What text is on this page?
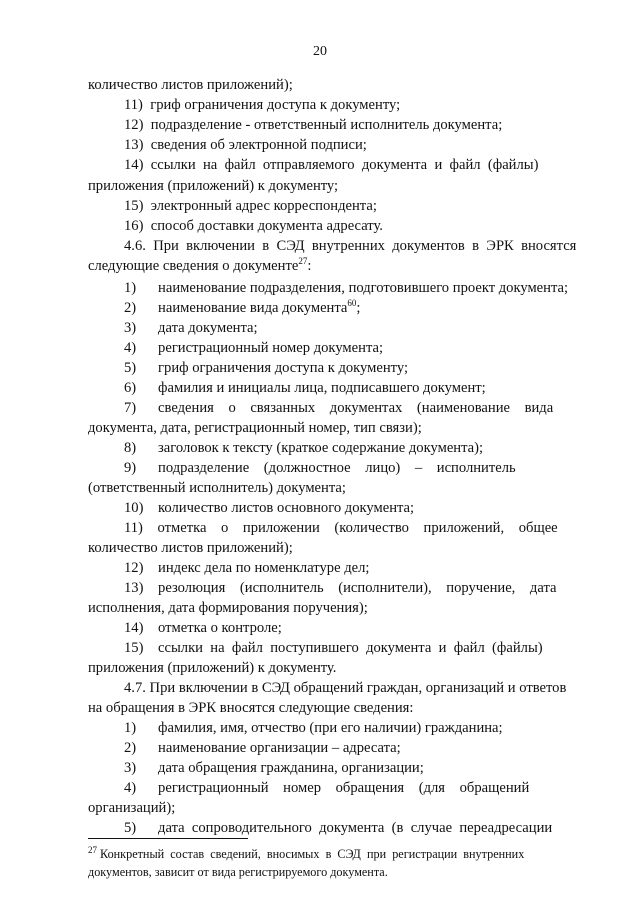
20
количество листов приложений);
11)  гриф ограничения доступа к документу;
12)  подразделение - ответственный исполнитель документа;
13)  сведения об электронной подписи;
14)  ссылки  на  файл  отправляемого  документа  и  файл  (файлы)
приложения (приложений) к документу;
15)  электронный адрес корреспондента;
16)  способ доставки документа адресату.
4.6.  При  включении  в  СЭД  внутренних  документов  в  ЭРК  вносятся
следующие сведения о документе$^{27}$:
1)      наименование подразделения, подготовившего проект документа;
2)      наименование вида документа$^{60}$;
3)      дата документа;
4)      регистрационный номер документа;
5)      гриф ограничения доступа к документу;
6)      фамилия и инициалы лица, подписавшего документ;
7)      сведения    о    связанных    документах    (наименование    вида
документа, дата, регистрационный номер, тип связи);
8)      заголовок к тексту (краткое содержание документа);
9)      подразделение    (должностное    лицо)    –    исполнитель
(ответственный исполнитель) документа;
10)    количество листов основного документа;
11)    отметка    о    приложении    (количество    приложений,    общее
количество листов приложений);
12)    индекс дела по номенклатуре дел;
13)    резолюция    (исполнитель    (исполнители),    поручение,    дата
исполнения, дата формирования поручения);
14)    отметка о контроле;
15)    ссылки  на  файл  поступившего  документа  и  файл  (файлы)
приложения (приложений) к документу.
4.7. При включении в СЭД обращений граждан, организаций и ответов
на обращения в ЭРК вносятся следующие сведения:
1)      фамилия, имя, отчество (при его наличии) гражданина;
2)      наименование организации – адресата;
3)      дата обращения гражданина, организации;
4)      регистрационный    номер    обращения    (для    обращений
организаций);
5)      дата  сопроводительного  документа  (в  случае  переадресации
$^{27}$ Конкретный  состав  сведений,  вносимых  в  СЭД  при  регистрации  внутренних
документов, зависит от вида регистрируемого документа.
